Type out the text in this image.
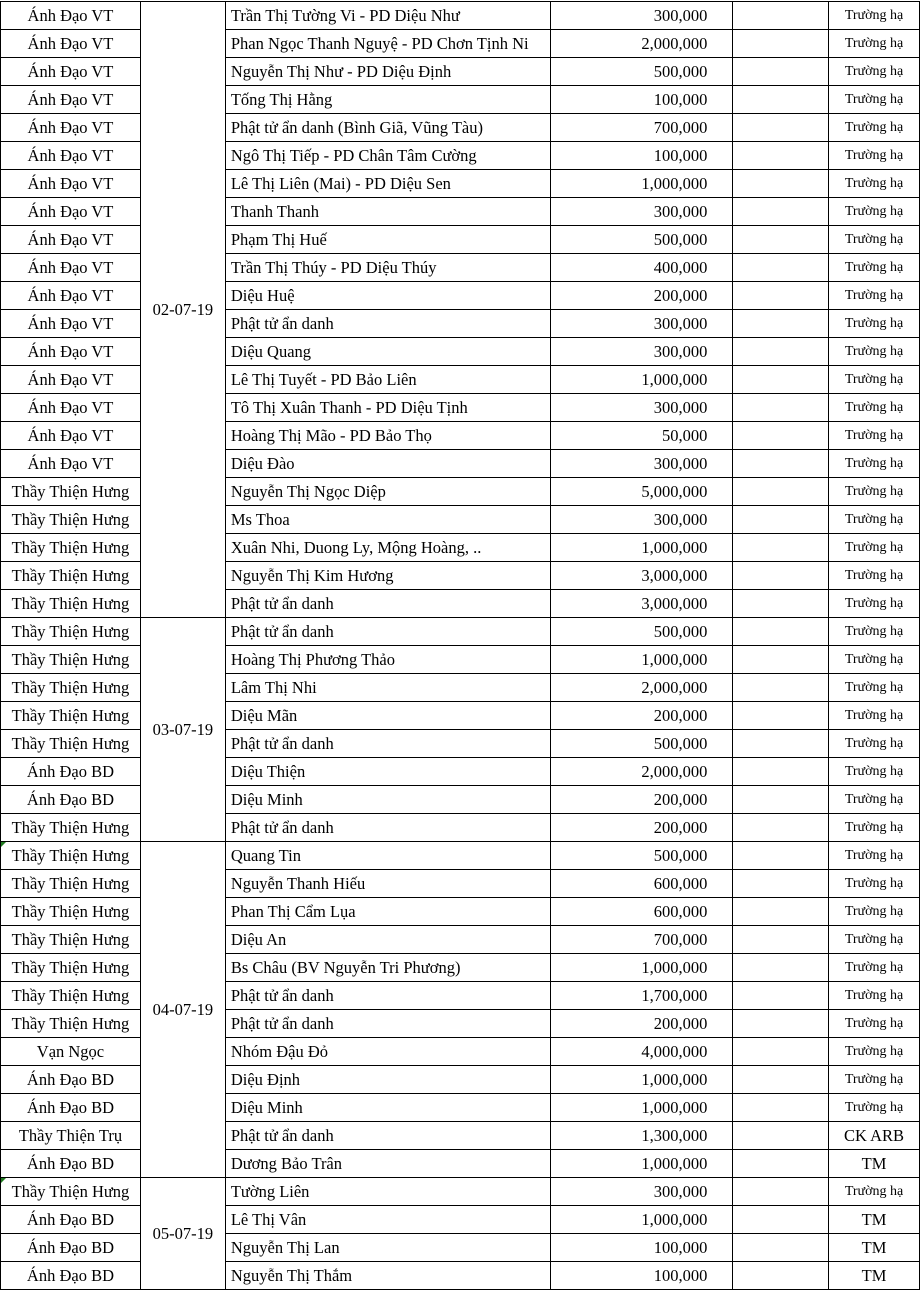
Ánh Đạo VT	02-07-19	Trần Thị Tường Vi - PD Diệu Như	300,000		Trường hạ
Ánh Đạo VT		Phan Ngọc Thanh Nguyệ - PD Chơn Tịnh Ni	2,000,000		Trường hạ
Ánh Đạo VT		Nguyễn Thị Như - PD Diệu Định	500,000		Trường hạ
Ánh Đạo VT		Tống Thị Hằng	100,000		Trường hạ
Ánh Đạo VT		Phật tử ẩn danh (Bình Giã, Vũng Tàu)	700,000		Trường hạ
Ánh Đạo VT		Ngô Thị Tiếp - PD Chân Tâm Cường	100,000		Trường hạ
Ánh Đạo VT		Lê Thị Liên (Mai) - PD Diệu Sen	1,000,000		Trường hạ
Ánh Đạo VT		Thanh Thanh	300,000		Trường hạ
Ánh Đạo VT		Phạm Thị Huế	500,000		Trường hạ
Ánh Đạo VT		Trần Thị Thúy - PD Diệu Thúy	400,000		Trường hạ
Ánh Đạo VT		Diệu Huệ	200,000		Trường hạ
Ánh Đạo VT		Phật tử ẩn danh	300,000		Trường hạ
Ánh Đạo VT		Diệu Quang	300,000		Trường hạ
Ánh Đạo VT		Lê Thị Tuyết - PD Bảo Liên	1,000,000		Trường hạ
Ánh Đạo VT		Tô Thị Xuân Thanh - PD Diệu Tịnh	300,000		Trường hạ
Ánh Đạo VT		Hoàng Thị Mão - PD Bảo Thọ	50,000		Trường hạ
Ánh Đạo VT		Diệu Đào	300,000		Trường hạ
Thầy Thiện Hưng		Nguyễn Thị Ngọc Diệp	5,000,000		Trường hạ
Thầy Thiện Hưng		Ms Thoa	300,000		Trường hạ
Thầy Thiện Hưng		Xuân Nhi, Duong Ly, Mộng Hoàng, ..	1,000,000		Trường hạ
Thầy Thiện Hưng		Nguyễn Thị Kim Hương	3,000,000		Trường hạ
Thầy Thiện Hưng		Phật tử ẩn danh	3,000,000		Trường hạ
Thầy Thiện Hưng	03-07-19	Phật tử ẩn danh	500,000		Trường hạ
Thầy Thiện Hưng		Hoàng Thị Phương Thảo	1,000,000		Trường hạ
Thầy Thiện Hưng		Lâm Thị Nhi	2,000,000		Trường hạ
Thầy Thiện Hưng		Diệu Mãn	200,000		Trường hạ
Thầy Thiện Hưng		Phật tử ẩn danh	500,000		Trường hạ
Ánh Đạo BD		Diệu Thiện	2,000,000		Trường hạ
Ánh Đạo BD		Diệu Minh	200,000		Trường hạ
Thầy Thiện Hưng		Phật tử ẩn danh	200,000		Trường hạ
Thầy Thiện Hưng	04-07-19	Quang Tin	500,000		Trường hạ
Thầy Thiện Hưng		Nguyễn Thanh Hiếu	600,000		Trường hạ
Thầy Thiện Hưng		Phan Thị Cẩm Lụa	600,000		Trường hạ
Thầy Thiện Hưng		Diệu An	700,000		Trường hạ
Thầy Thiện Hưng		Bs Châu (BV Nguyễn Tri Phương)	1,000,000		Trường hạ
Thầy Thiện Hưng		Phật tử ẩn danh	1,700,000		Trường hạ
Thầy Thiện Hưng		Phật tử ẩn danh	200,000		Trường hạ
Vạn Ngọc		Nhóm Đậu Đỏ	4,000,000		Trường hạ
Ánh Đạo BD		Diệu Định	1,000,000		Trường hạ
Ánh Đạo BD		Diệu Minh	1,000,000		Trường hạ
Thầy Thiện Trụ		Phật tử ẩn danh	1,300,000		CK ARB
Ánh Đạo BD		Dương Bảo Trân	1,000,000		TM
Thầy Thiện Hưng	05-07-19	Tường Liên	300,000		Trường hạ
Ánh Đạo BD		Lê Thị Vân	1,000,000		TM
Ánh Đạo BD		Nguyễn Thị Lan	100,000		TM
Ánh Đạo BD		Nguyễn Thị Thắm	100,000		TM
